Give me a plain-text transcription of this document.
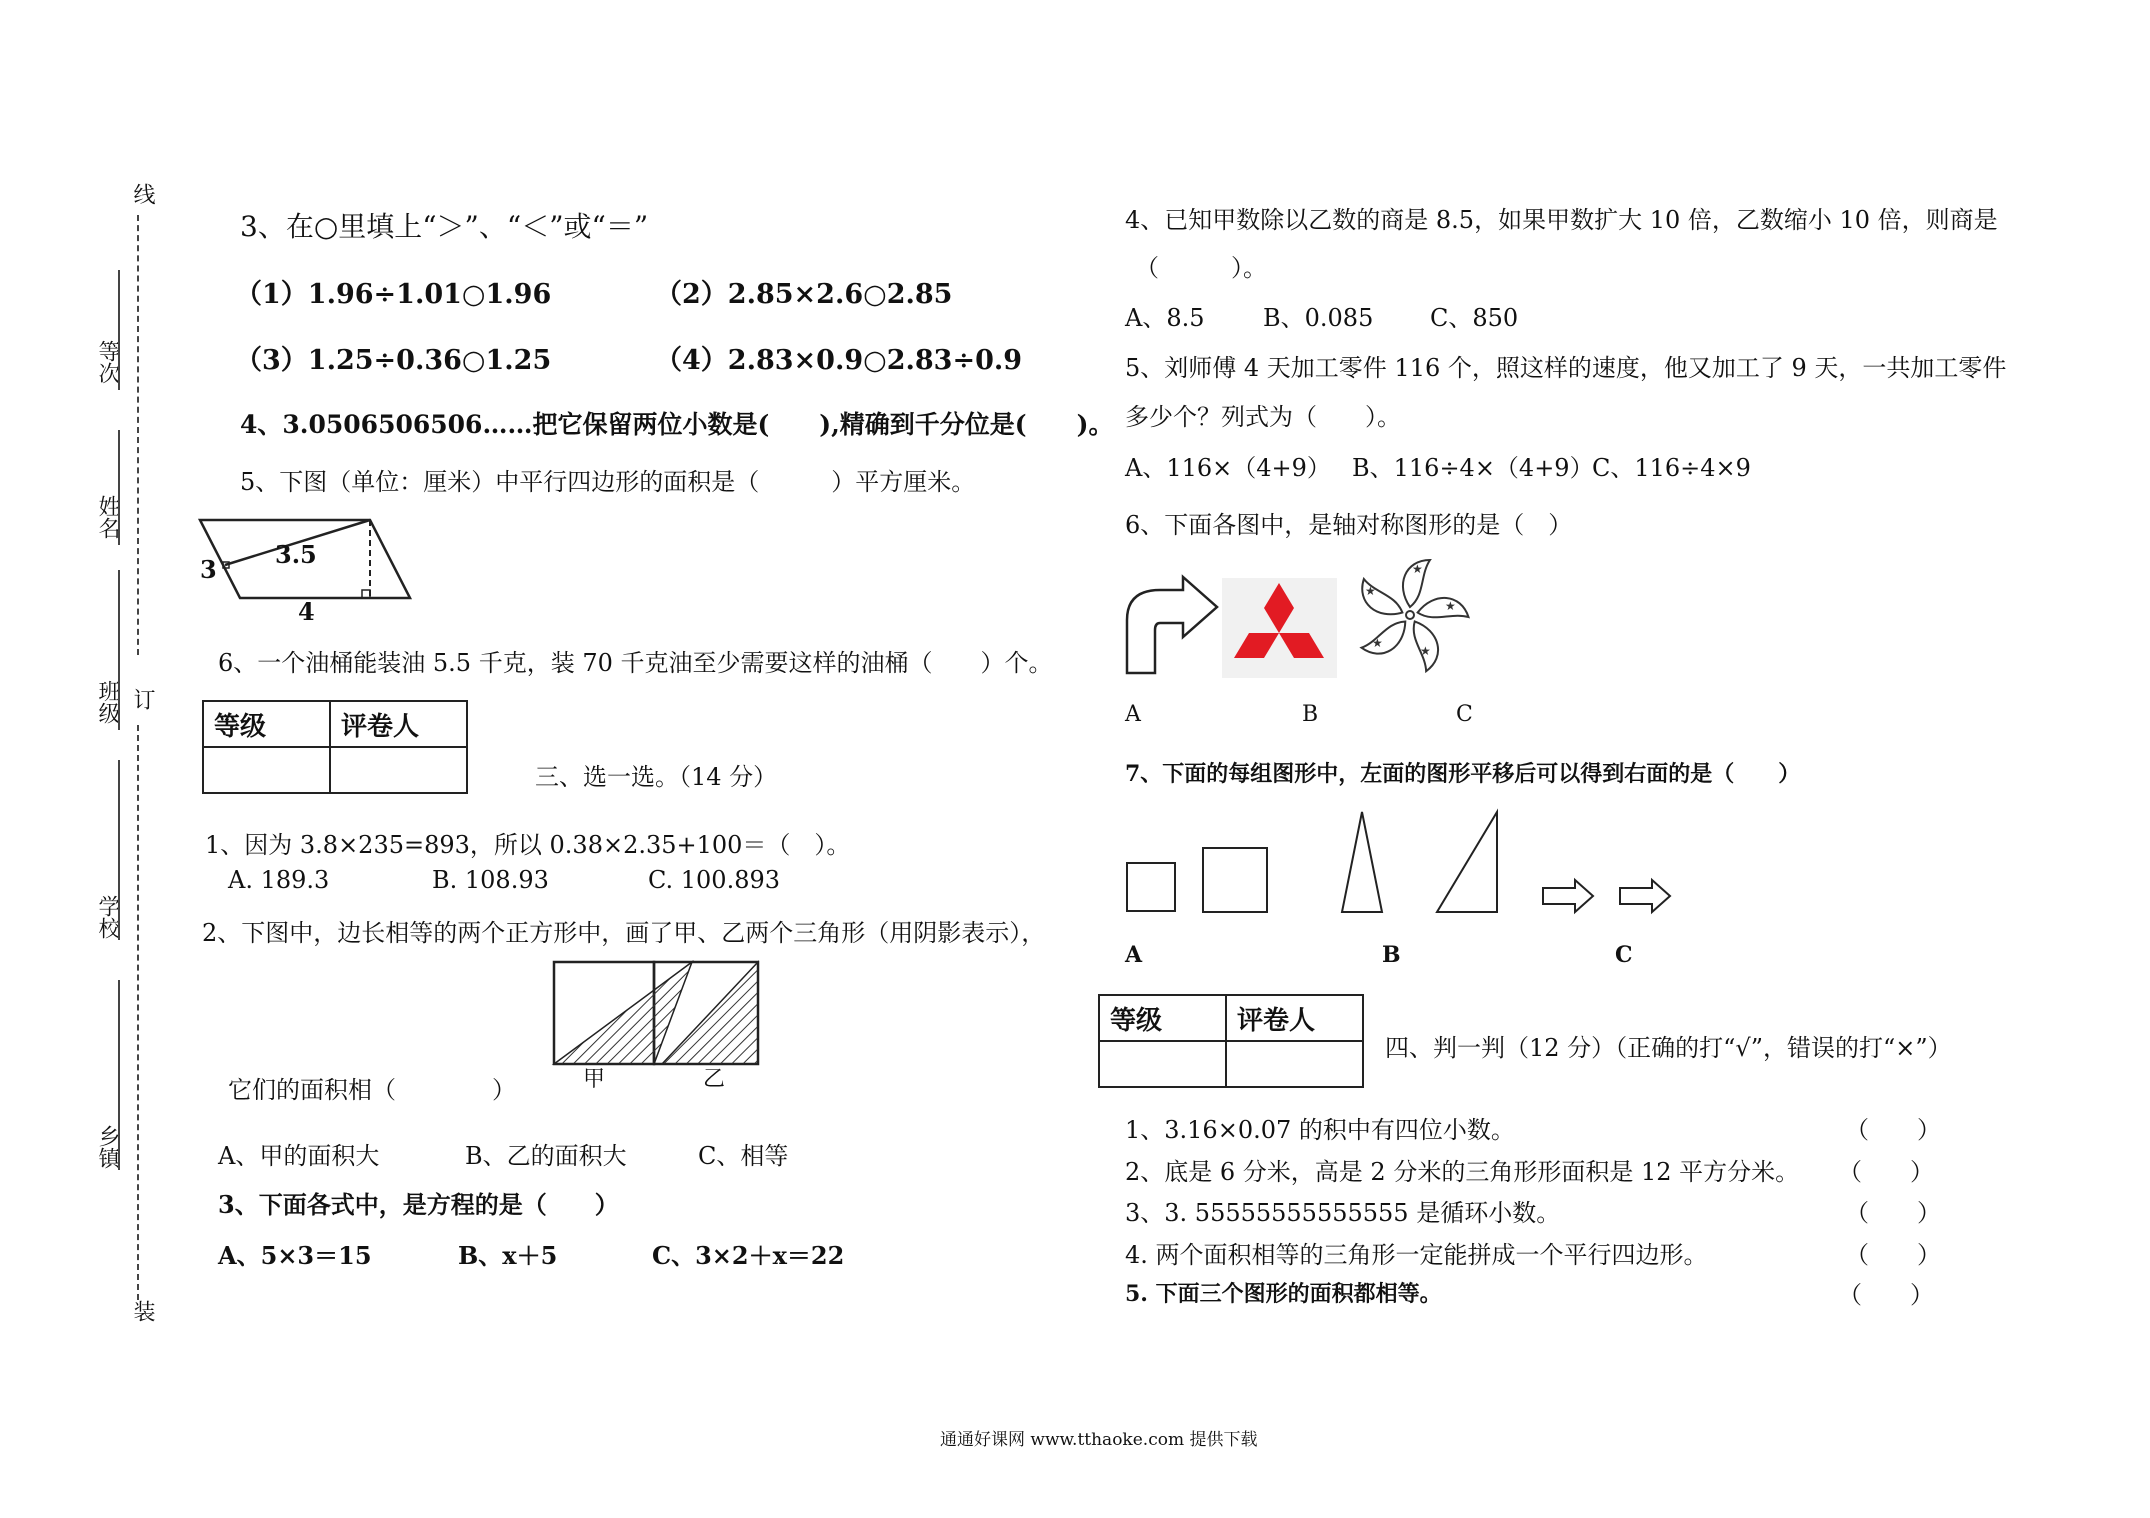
线
订
装
等次
姓名
班级
学校
乡镇
3、在○里填上“＞”、“＜”或“＝”
（1）1.96÷1.01○1.96	（2）2.85×2.6○2.85
（3）1.25÷0.36○1.25	（4）2.83×0.9○2.83÷0.9
4、3.0506506506……把它保留两位小数是(　　),精确到千分位是(　　)。
5、下图（单位：厘米）中平行四边形的面积是（　　　）平方厘米。
3
3.5
4
6、一个油桶能装油 5.5 千克，装 70 千克油至少需要这样的油桶（　　）个。
等级	评卷人

三、选一选。（14 分）
1、因为 3.8×235=893，所以 0.38×2.35+100＝（　）。
A. 189.3	B. 108.93	C. 100.893
2、下图中，边长相等的两个正方形中，画了甲、乙两个三角形（用阴影表示），
甲	乙
它们的面积相（　　　　）
A、甲的面积大	B、乙的面积大	C、相等
3、下面各式中，是方程的是（　　）
A、5×3＝15	B、x＋5	C、3×2＋x＝22
4、已知甲数除以乙数的商是 8.5，如果甲数扩大 10 倍，乙数缩小 10 倍，则商是
（　　　）。
A、8.5 B、0.085 C、850
5、刘师傅 4 天加工零件 116 个，照这样的速度，他又加工了 9 天，一共加工零件
多少个？列式为（　　）。
A、116×（4+9） B、116÷4×（4+9）
C、116÷4×9
6、下面各图中，是轴对称图形的是（　）
★
★
★
★
★
A	B	C
7、下面的每组图形中，左面的图形平移后可以得到右面的是（　　）
A	B	C
等级	评卷人

四、判一判（12 分）（正确的打“√”，错误的打“×”）
1、3.16×0.07 的积中有四位小数。	（　　）
2、底是 6 分米，高是 2 分米的三角形形面积是 12 平方分米。 （　　）
3、3. 55555555555555 是循环小数。	（　　）
4. 两个面积相等的三角形一定能拼成一个平行四边形。	（　　）
5. 下面三个图形的面积都相等。	（　　）
通通好课网 www.tthaoke.com 提供下载
